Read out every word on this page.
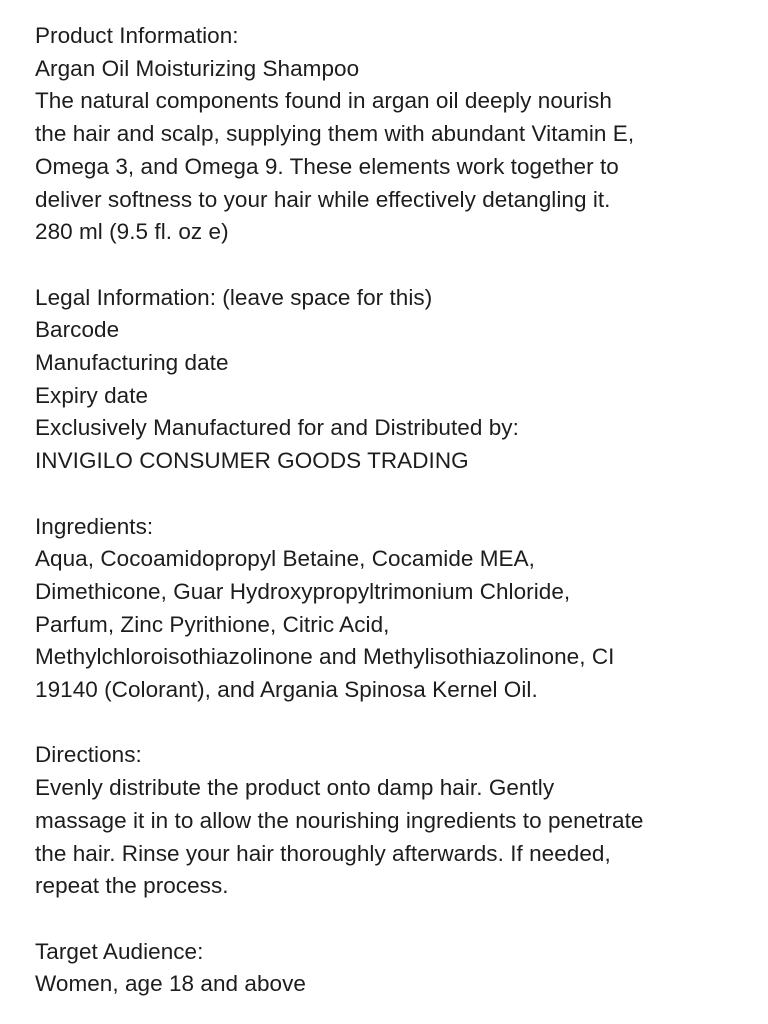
Product Information:
Argan Oil Moisturizing Shampoo
The natural components found in argan oil deeply nourish
the hair and scalp, supplying them with abundant Vitamin E,
Omega 3, and Omega 9. These elements work together to
deliver softness to your hair while effectively detangling it.
280 ml (9.5 fl. oz e)
Legal Information: (leave space for this)
Barcode
Manufacturing date
Expiry date
Exclusively Manufactured for and Distributed by:
INVIGILO CONSUMER GOODS TRADING
Ingredients:
Aqua, Cocoamidopropyl Betaine, Cocamide MEA,
Dimethicone, Guar Hydroxypropyltrimonium Chloride,
Parfum, Zinc Pyrithione, Citric Acid,
Methylchloroisothiazolinone and Methylisothiazolinone, CI
19140 (Colorant), and Argania Spinosa Kernel Oil.
Directions:
Evenly distribute the product onto damp hair. Gently
massage it in to allow the nourishing ingredients to penetrate
the hair. Rinse your hair thoroughly afterwards. If needed,
repeat the process.
Target Audience:
Women, age 18 and above
